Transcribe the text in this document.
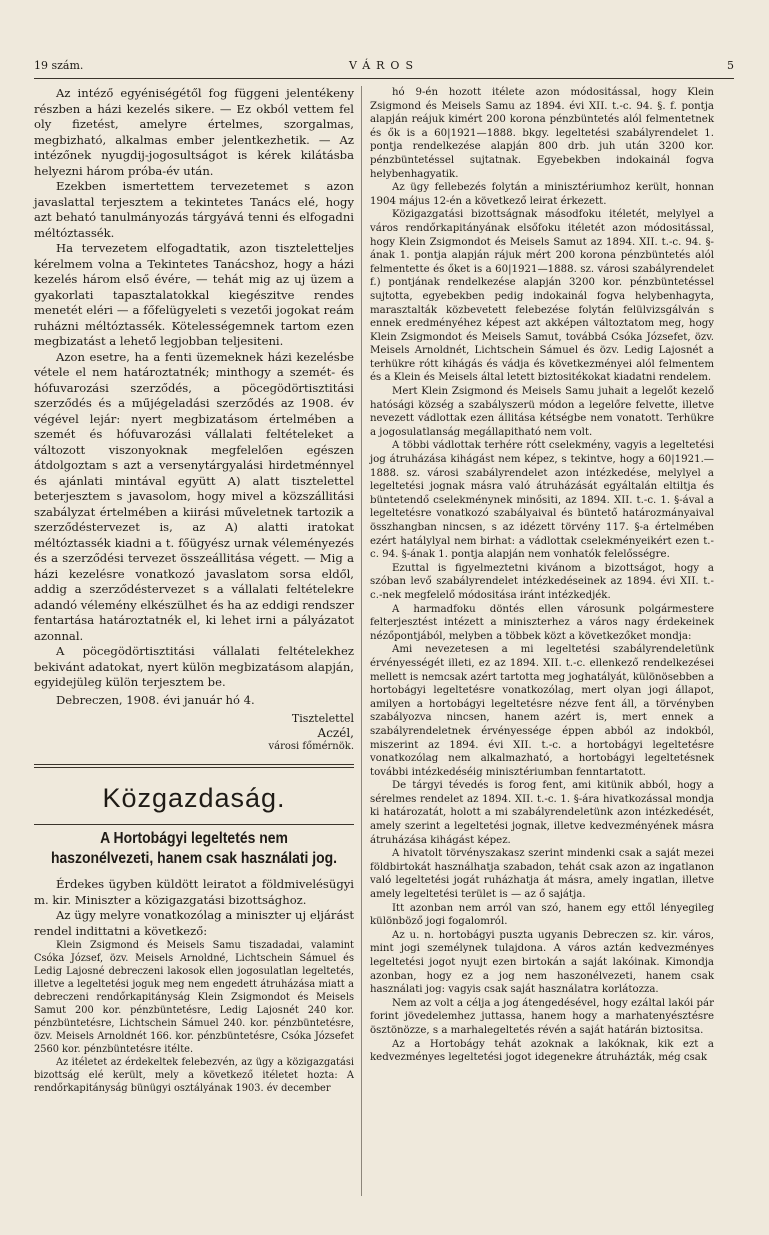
19 szám.	VÁROS	5

Az intéző egyéniségétől fog függeni jelentékeny részben a házi kezelés sikere. — Ez okból vettem fel oly fizetést, amelyre értelmes, szorgalmas, megbizható, alkalmas ember jelentkezhetik. — Az intézőnek nyugdij-jogosultságot is kérek kilátásba helyezni három próba-év után.

Ezekben ismertettem tervezetemet s azon javaslattal terjesztem a tekintetes Tanács elé, hogy azt beható tanulmányozás tárgyává tenni és elfogadni méltóztassék.

Ha tervezetem elfogadtatik, azon tiszteletteljes kérelmem volna a Tekintetes Tanácshoz, hogy a házi kezelés három első évére, — tehát mig az uj üzem a gyakorlati tapasztalatokkal kiegészitve rendes menetét eléri — a főfelügyeleti s vezetői jogokat reám ruházni méltóztassék. Kötelességemnek tartom ezen megbizatást a lehető legjobban teljesiteni.

Azon esetre, ha a fenti üzemeknek házi kezelésbe vétele el nem határoztatnék; minthogy a szemét- és hófuvarozási szerződés, a pöcegödörtisztitási szerződés és a műjégeladási szerződés az 1908. év végével lejár: nyert megbizatásom értelmében a szemét és hófuvarozási vállalati feltételeket a változott viszonyoknak megfelelően egészen átdolgoztam s azt a versenytárgyalási hirdetménnyel és ajánlati mintával együtt A) alatt tisztelettel beterjesztem s javasolom, hogy mivel a közszállitási szabályzat értelmében a kiirási műveletnek tartozik a szerződéstervezet is, az A) alatti iratokat méltóztassék kiadni a t. főügyész urnak véleményezés és a szerződési tervezet összeállitása végett. — Mig a házi kezelésre vonatkozó javaslatom sorsa eldől, addig a szerződéstervezet s a vállalati feltételekre adandó vélemény elkészülhet és ha az eddigi rendszer fentartása határoztatnék el, ki lehet irni a pályázatot azonnal.

A pöcegödörtisztitási vállalati feltételekhez bekivánt adatokat, nyert külön megbizatásom alapján, egyidejüleg külön terjesztem be.

Debreczen, 1908. évi január hó 4.

Tisztelettel
Aczél,
városi főmérnök.
Közgazdaság.
A Hortobágyi legeltetés nem haszonélvezeti, hanem csak használati jog.

Érdekes ügyben küldött leiratot a földmivelésügyi m. kir. Miniszter a közigazgatási bizottsághoz.

Az ügy melyre vonatkozólag a miniszter uj eljárást rendel indittatni a következő:

Klein Zsigmond és Meisels Samu tiszadadai, valamint Csóka József, özv. Meisels Arnoldné, Lichtschein Sámuel és Ledig Lajosné debreczeni lakosok ellen jogosulatlan legeltetés, illetve a legeltetési joguk meg nem engedett átruházása miatt a debreczeni rendőrkapitányság Klein Zsigmondot és Meisels Samut 200 kor. pénzbüntetésre, Ledig Lajosnét 240 kor. pénzbüntetésre, Lichtschein Sámuel 240. kor. pénzbüntetésre, özv. Meisels Arnoldnét 166. kor. pénzbüntetésre, Csóka Józsefet 2560 kor. pénzbüntetésre itélte.

Az itéletet az érdekeltek felebezvén, az ügy a közigazgatási bizottság elé került, mely a következő itéletet hozta: A rendőrkapitányság bünügyi osztályának 1903. év december

hó 9-én hozott itélete azon módositással, hogy Klein Zsigmond és Meisels Samu az 1894. évi XII. t.-c. 94. §. f. pontja alapján reájuk kimért 200 korona pénzbüntetés alól felmentetnek és ők is a 60|1921—1888. bkgy. legeltetési szabályrendelet 1. pontja rendelkezése alapján 800 drb. juh után 3200 kor. pénzbüntetéssel sujtatnak. Egyebekben indokainál fogva helybenhagyatik.

Az ügy fellebezés folytán a minisztériumhoz került, honnan 1904 május 12-én a következő leirat érkezett.

Közigazgatási bizottságnak másodfoku itéletét, melylyel a város rendőrkapitányának elsőfoku itéletét azon módositással, hogy Klein Zsigmondot és Meisels Samut az 1894. XII. t.-c. 94. §-ának 1. pontja alapján rájuk mért 200 korona pénzbüntetés alól felmentette és őket is a 60|1921—1888. sz. városi szabályrendelet f.) pontjának rendelkezése alapján 3200 kor. pénzbüntetéssel sujtotta, egyebekben pedig indokainál fogva helybenhagyta, marasztalták közbevetett felebezése folytán felülvizsgálván s ennek eredményéhez képest azt akképen változtatom meg, hogy Klein Zsigmondot és Meisels Samut, továbbá Csóka Józsefet, özv. Meisels Arnoldnét, Lichtschein Sámuel és özv. Ledig Lajosnét a terhükre rótt kihágás és vádja és következményei alól felmentem és a Klein és Meisels által letett biztositékokat kiadatni rendelem.

Mert Klein Zsigmond és Meisels Samu juhait a legelőt kezelő hatósági község a szabályszerü módon a legelőre felvette, illetve nevezett vádlottak ezen állitása kétségbe nem vonatott. Terhükre a jogosulatlanság megállapitható nem volt.

A többi vádlottak terhére rótt cselekmény, vagyis a legeltetési jog átruházása kihágást nem képez, s tekintve, hogy a 60|1921.—1888. sz. városi szabályrendelet azon intézkedése, melylyel a legeltetési jognak másra való átruházását egyáltalán eltiltja és büntetendő cselekménynek minősiti, az 1894. XII. t.-c. 1. §-ával a legeltetésre vonatkozó szabályaival és büntető határozmányaival összhangban nincsen, s az idézett törvény 117. §-a értelmében ezért hatálylyal nem birhat: a vádlottak cselekményeikért ezen t.-c. 94. §-ának 1. pontja alapján nem vonhatók felelősségre.

Ezuttal is figyelmeztetni kivánom a bizottságot, hogy a szóban levő szabályrendelet intézkedéseinek az 1894. évi XII. t.-c.-nek megfelelő módositása iránt intézkedjék.

A harmadfoku döntés ellen városunk polgármestere felterjesztést intézett a miniszterhez a város nagy érdekeinek nézőpontjából, melyben a többek közt a következőket mondja:

Ami nevezetesen a mi legeltetési szabályrendeletünk érvényességét illeti, ez az 1894. XII. t.-c. ellenkező rendelkezései mellett is nemcsak azért tartotta meg joghatályát, különösebben a hortobágyi legeltetésre vonatkozólag, mert olyan jogi állapot, amilyen a hortobágyi legeltetésre nézve fent áll, a törvényben szabályozva nincsen, hanem azért is, mert ennek a szabályrendeletnek érvényessége éppen abból az indokból, miszerint az 1894. évi XII. t.-c. a hortobágyi legeltetésre vonatkozólag nem alkalmazható, a hortobágyi legeltetésnek további intézkedéséig minisztériumban fenntartatott.

De tárgyi tévedés is forog fent, ami kitünik abból, hogy a sérelmes rendelet az 1894. XII. t.-c. 1. §-ára hivatkozással mondja ki határozatát, holott a mi szabályrendeletünk azon intézkedését, amely szerint a legeltetési jognak, illetve kedvezményének másra átruházása kihágást képez.

A hivatolt törvényszakasz szerint mindenki csak a saját mezei földbirtokát használhatja szabadon, tehát csak azon az ingatlanon való legeltetési jogát ruházhatja át másra, amely ingatlan, illetve amely legeltetési terület is — az ő sajátja.

Itt azonban nem arról van szó, hanem egy ettől lényegileg különböző jogi fogalomról.

Az u. n. hortobágyi puszta ugyanis Debreczen sz. kir. város, mint jogi személynek tulajdona. A város aztán kedvezményes legeltetési jogot nyujt ezen birtokán a saját lakóinak. Kimondja azonban, hogy ez a jog nem haszonélvezeti, hanem csak használati jog: vagyis csak saját használatra korlátozza.

Nem az volt a célja a jog átengedésével, hogy ezáltal lakói pár forint jövedelemhez juttassa, hanem hogy a marhatenyésztésre ösztönözze, s a marhalegeltetés révén a saját határán biztositsa.

Az a Hortobágy tehát azoknak a lakóknak, kik ezt a kedvezményes legeltetési jogot idegenekre átruházták, még csak
